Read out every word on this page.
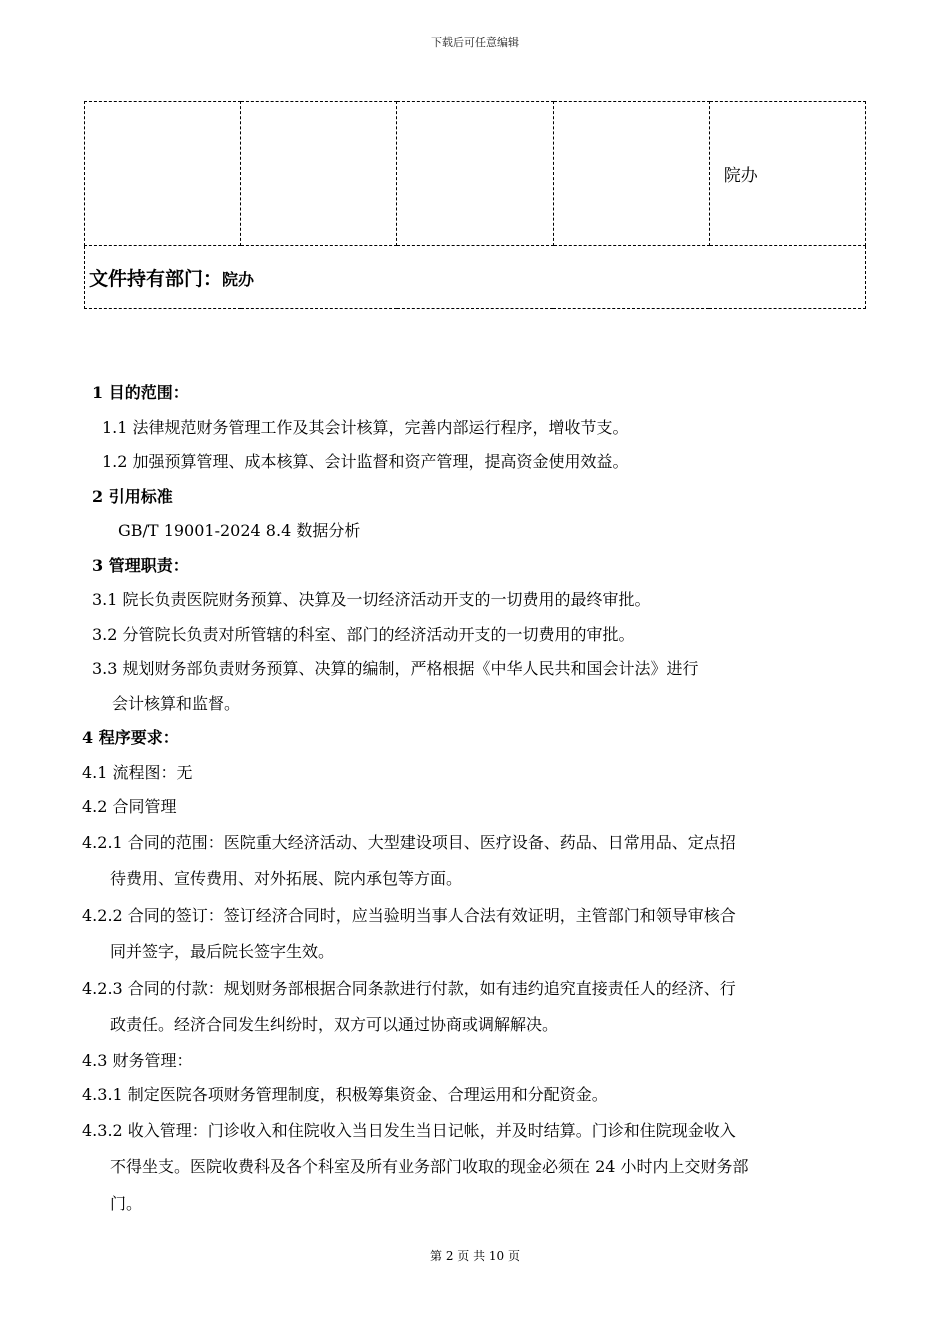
下载后可任意编辑
				院办
文件持有部门：院办
1 目的范围：
1.1 法律规范财务管理工作及其会计核算，完善内部运行程序，增收节支。
1.2 加强预算管理、成本核算、会计监督和资产管理，提高资金使用效益。
2 引用标准
GB/T 19001-2024 8.4 数据分析
3 管理职责：
3.1 院长负责医院财务预算、决算及一切经济活动开支的一切费用的最终审批。
3.2 分管院长负责对所管辖的科室、部门的经济活动开支的一切费用的审批。
3.3 规划财务部负责财务预算、决算的编制，严格根据《中华人民共和国会计法》进行
会计核算和监督。
4 程序要求：
4.1 流程图：无
4.2 合同管理
4.2.1 合同的范围：医院重大经济活动、大型建设项目、医疗设备、药品、日常用品、定点招
待费用、宣传费用、对外拓展、院内承包等方面。
4.2.2 合同的签订：签订经济合同时，应当验明当事人合法有效证明，主管部门和领导审核合
同并签字，最后院长签字生效。
4.2.3 合同的付款：规划财务部根据合同条款进行付款，如有违约追究直接责任人的经济、行
政责任。经济合同发生纠纷时，双方可以通过协商或调解解决。
4.3 财务管理：
4.3.1 制定医院各项财务管理制度，积极筹集资金、合理运用和分配资金。
4.3.2 收入管理：门诊收入和住院收入当日发生当日记帐，并及时结算。门诊和住院现金收入
不得坐支。医院收费科及各个科室及所有业务部门收取的现金必须在 24 小时内上交财务部
门。
第 2 页 共 10 页
